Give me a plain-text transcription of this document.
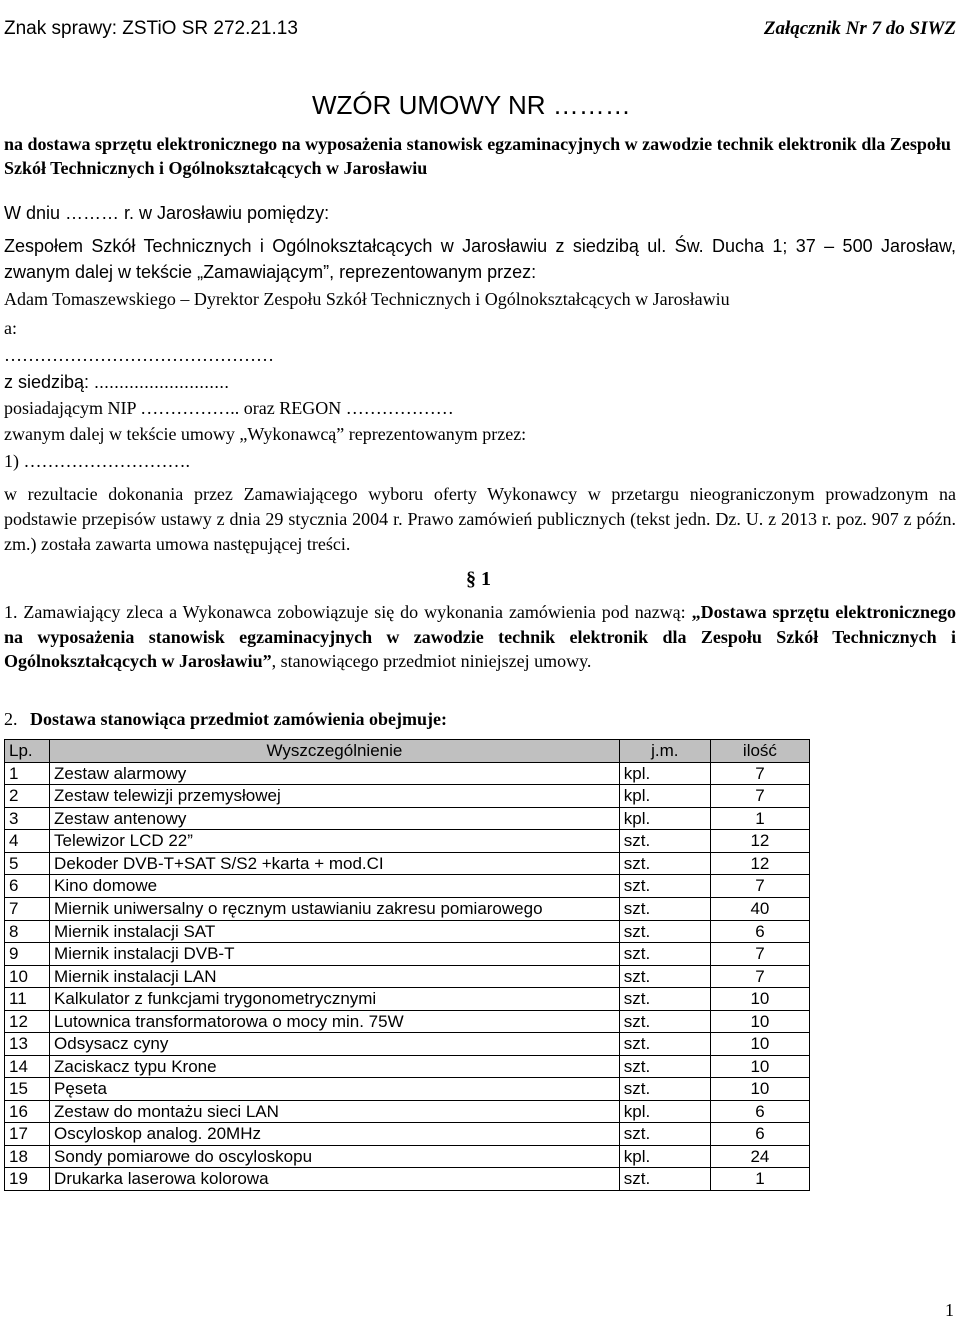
Znak sprawy: ZSTiO SR 272.21.13	Załącznik Nr 7 do SIWZ
WZÓR UMOWY NR ………
na dostawa sprzętu elektronicznego na wyposażenia stanowisk egzaminacyjnych w zawodzie technik elektronik dla Zespołu Szkół Technicznych i Ogólnokształcących w Jarosławiu
W dniu ……… r. w Jarosławiu pomiędzy:
Zespołem Szkół Technicznych i Ogólnokształcących w Jarosławiu z siedzibą ul. Św. Ducha 1; 37 – 500 Jarosław, zwanym dalej w tekście „Zamawiającym”, reprezentowanym przez:
Adam Tomaszewskiego – Dyrektor Zespołu Szkół Technicznych i Ogólnokształcących w Jarosławiu
a:
………………………………………
z siedzibą: ...........................
posiadającym NIP …………….. oraz REGON ………………
zwanym dalej w tekście umowy „Wykonawcą” reprezentowanym przez:
1) ……………………….
w rezultacie dokonania przez Zamawiającego wyboru oferty Wykonawcy w przetargu nieograniczonym prowadzonym na podstawie przepisów ustawy z dnia 29 stycznia 2004 r. Prawo zamówień publicznych (tekst jedn. Dz. U. z 2013 r. poz. 907 z późn. zm.) została zawarta umowa następującej treści.
§ 1
1. Zamawiający zleca a Wykonawca zobowiązuje się do wykonania zamówienia pod nazwą: „Dostawa sprzętu elektronicznego na wyposażenia stanowisk egzaminacyjnych w zawodzie technik elektronik dla Zespołu Szkół Technicznych i Ogólnokształcących w Jarosławiu”, stanowiącego przedmiot niniejszej umowy.
2. Dostawa stanowiąca przedmiot zamówienia obejmuje:
Lp.	Wyszczególnienie	j.m.	ilość
1	Zestaw alarmowy	kpl.	7
2	Zestaw telewizji przemysłowej	kpl.	7
3	Zestaw antenowy	kpl.	1
4	Telewizor LCD 22”	szt.	12
5	Dekoder DVB-T+SAT S/S2 +karta + mod.CI	szt.	12
6	Kino domowe	szt.	7
7	Miernik uniwersalny o ręcznym ustawianiu zakresu pomiarowego	szt.	40
8	Miernik instalacji SAT	szt.	6
9	Miernik instalacji DVB-T	szt.	7
10	Miernik instalacji LAN	szt.	7
11	Kalkulator z funkcjami trygonometrycznymi	szt.	10
12	Lutownica transformatorowa o mocy min. 75W	szt.	10
13	Odsysacz cyny	szt.	10
14	Zaciskacz typu Krone	szt.	10
15	Pęseta	szt.	10
16	Zestaw do montażu sieci LAN	kpl.	6
17	Oscyloskop analog. 20MHz	szt.	6
18	Sondy pomiarowe do oscyloskopu	kpl.	24
19	Drukarka laserowa kolorowa	szt.	1
1
